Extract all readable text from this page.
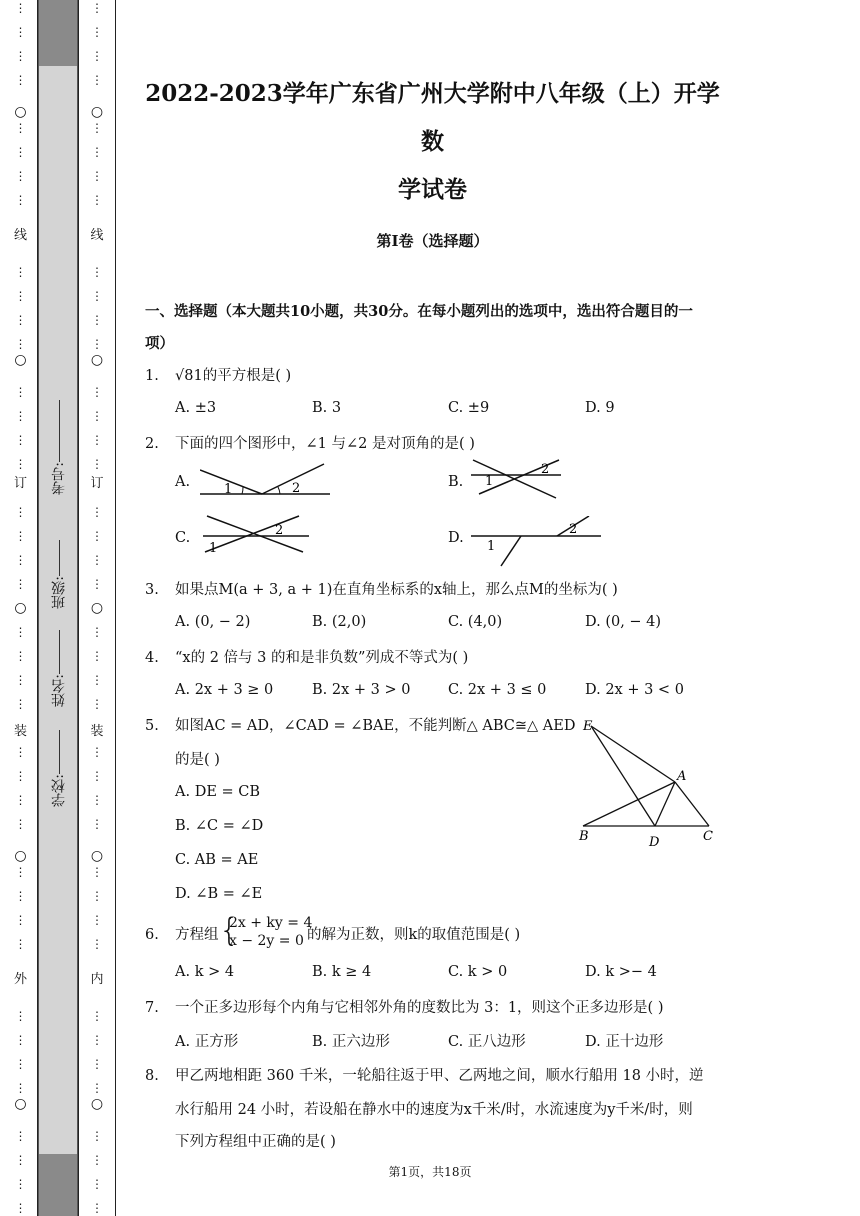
○
○
○
○
○
线
订
装
外
⋮
⋮
⋮
⋮
⋮
⋮
⋮
⋮
⋮
⋮
⋮
⋮
⋮
⋮
⋮
⋮
⋮
⋮
⋮
⋮
⋮
⋮
⋮
⋮
⋮
⋮
⋮
⋮
⋮
⋮
⋮
⋮
⋮
⋮
⋮
⋮
⋮
⋮
⋮
⋮
考号:
班级:
姓名:
学校:
○
○
○
○
○
线
订
装
内
⋮
⋮
⋮
⋮
⋮
⋮
⋮
⋮
⋮
⋮
⋮
⋮
⋮
⋮
⋮
⋮
⋮
⋮
⋮
⋮
⋮
⋮
⋮
⋮
⋮
⋮
⋮
⋮
⋮
⋮
⋮
⋮
⋮
⋮
⋮
⋮
⋮
⋮
⋮
⋮
2022-2023学年广东省广州大学附中八年级（上）开学数
学试卷
第I卷（选择题）
一、选择题（本大题共10小题，共30分。在每小题列出的选项中，选出符合题目的一
项）
1. √81的平方根是( )
A. ±3	B. 3	C. ±9	D. 9
2. 下面的四个图形中，∠1 与∠2 是对顶角的是( )
A.	B.
C.	D.
1	2	1
2
1
2
1
2
3. 如果点M(a + 3, a + 1)在直角坐标系的x轴上，那么点M的坐标为( )
A. (0, − 2)	B. (2,0)	C. (4,0)	D. (0, − 4)
4. “x的 2 倍与 3 的和是非负数”列成不等式为( )
A. 2x + 3 ≥ 0	B. 2x + 3 > 0	C. 2x + 3 ≤ 0	D. 2x + 3 < 0
5. 如图AC = AD，∠CAD = ∠BAE，不能判断△ ABC≅△ AED
的是( )
A. DE = CB
B. ∠C = ∠D
C. AB = AE
D. ∠B = ∠E
E
A
B	D	C
6.	方程组 {
2x + ky = 4
x − 2y = 0 的解为正数，则k的取值范围是( )
A. k > 4	B. k ≥ 4	C. k > 0	D. k >− 4
7. 一个正多边形每个内角与它相邻外角的度数比为 3：1，则这个正多边形是( )
A. 正方形	B. 正六边形	C. 正八边形	D. 正十边形
8. 甲乙两地相距 360 千米，一轮船往返于甲、乙两地之间，顺水行船用 18 小时，逆
水行船用 24 小时，若设船在静水中的速度为x千米/时，水流速度为y千米/时，则
下列方程组中正确的是( )
第1页，共18页
